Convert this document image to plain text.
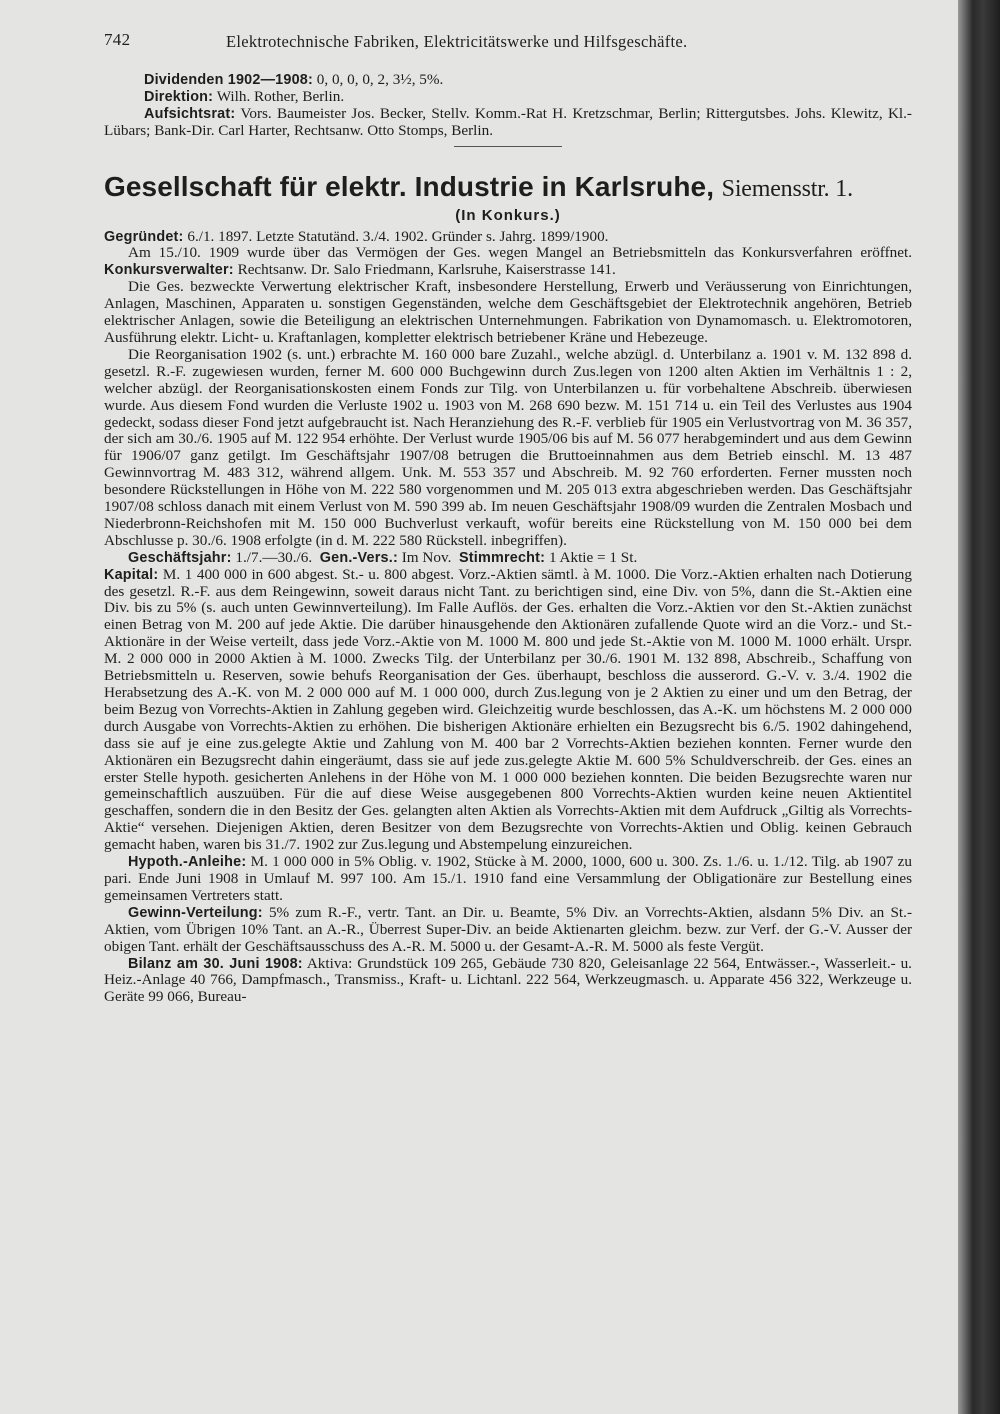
742	Elektrotechnische Fabriken, Elektricitätswerke und Hilfsgeschäfte.

Dividenden 1902—1908: 0, 0, 0, 0, 2, 3½, 5%.

Direktion: Wilh. Rother, Berlin.

Aufsichtsrat: Vors. Baumeister Jos. Becker, Stellv. Komm.-Rat H. Kretzschmar, Berlin; Rittergutsbes. Johs. Klewitz, Kl.-Lübars; Bank-Dir. Carl Harter, Rechtsanw. Otto Stomps, Berlin.

Gesellschaft für elektr. Industrie in Karlsruhe, Siemensstr. 1.
(In Konkurs.)

Gegründet: 6./1. 1897. Letzte Statutänd. 3./4. 1902. Gründer s. Jahrg. 1899/1900.

Am 15./10. 1909 wurde über das Vermögen der Ges. wegen Mangel an Betriebsmitteln das Konkursverfahren eröffnet. Konkursverwalter: Rechtsanw. Dr. Salo Friedmann, Karlsruhe, Kaiserstrasse 141.

Die Ges. bezweckte Verwertung elektrischer Kraft, insbesondere Herstellung, Erwerb und Veräusserung von Einrichtungen, Anlagen, Maschinen, Apparaten u. sonstigen Gegenständen, welche dem Geschäftsgebiet der Elektrotechnik angehören, Betrieb elektrischer Anlagen, sowie die Beteiligung an elektrischen Unternehmungen. Fabrikation von Dynamomasch. u. Elektromotoren, Ausführung elektr. Licht- u. Kraftanlagen, kompletter elektrisch betriebener Kräne und Hebezeuge.

Die Reorganisation 1902 (s. unt.) erbrachte M. 160 000 bare Zuzahl., welche abzügl. d. Unterbilanz a. 1901 v. M. 132 898 d. gesetzl. R.-F. zugewiesen wurden, ferner M. 600 000 Buchgewinn durch Zus.legen von 1200 alten Aktien im Verhältnis 1 : 2, welcher abzügl. der Reorganisationskosten einem Fonds zur Tilg. von Unterbilanzen u. für vorbehaltene Abschreib. überwiesen wurde. Aus diesem Fond wurden die Verluste 1902 u. 1903 von M. 268 690 bezw. M. 151 714 u. ein Teil des Verlustes aus 1904 gedeckt, sodass dieser Fond jetzt aufgebraucht ist. Nach Heranziehung des R.-F. verblieb für 1905 ein Verlustvortrag von M. 36 357, der sich am 30./6. 1905 auf M. 122 954 erhöhte. Der Verlust wurde 1905/06 bis auf M. 56 077 herabgemindert und aus dem Gewinn für 1906/07 ganz getilgt. Im Geschäftsjahr 1907/08 betrugen die Bruttoeinnahmen aus dem Betrieb einschl. M. 13 487 Gewinnvortrag M. 483 312, während allgem. Unk. M. 553 357 und Abschreib. M. 92 760 erforderten. Ferner mussten noch besondere Rückstellungen in Höhe von M. 222 580 vorgenommen und M. 205 013 extra abgeschrieben werden. Das Geschäftsjahr 1907/08 schloss danach mit einem Verlust von M. 590 399 ab. Im neuen Geschäftsjahr 1908/09 wurden die Zentralen Mosbach und Niederbronn-Reichshofen mit M. 150 000 Buchverlust verkauft, wofür bereits eine Rückstellung von M. 150 000 bei dem Abschlusse p. 30./6. 1908 erfolgte (in d. M. 222 580 Rückstell. inbegriffen).

Geschäftsjahr: 1./7.—30./6. Gen.-Vers.: Im Nov. Stimmrecht: 1 Aktie = 1 St.

Kapital: M. 1 400 000 in 600 abgest. St.- u. 800 abgest. Vorz.-Aktien sämtl. à M. 1000. Die Vorz.-Aktien erhalten nach Dotierung des gesetzl. R.-F. aus dem Reingewinn, soweit daraus nicht Tant. zu berichtigen sind, eine Div. von 5%, dann die St.-Aktien eine Div. bis zu 5% (s. auch unten Gewinnverteilung). Im Falle Auflös. der Ges. erhalten die Vorz.-Aktien vor den St.-Aktien zunächst einen Betrag von M. 200 auf jede Aktie. Die darüber hinausgehende den Aktionären zufallende Quote wird an die Vorz.- und St.-Aktionäre in der Weise verteilt, dass jede Vorz.-Aktie von M. 1000 M. 800 und jede St.-Aktie von M. 1000 M. 1000 erhält. Urspr. M. 2 000 000 in 2000 Aktien à M. 1000. Zwecks Tilg. der Unterbilanz per 30./6. 1901 M. 132 898, Abschreib., Schaffung von Betriebsmitteln u. Reserven, sowie behufs Reorganisation der Ges. überhaupt, beschloss die ausserord. G.-V. v. 3./4. 1902 die Herabsetzung des A.-K. von M. 2 000 000 auf M. 1 000 000, durch Zus.legung von je 2 Aktien zu einer und um den Betrag, der beim Bezug von Vorrechts-Aktien in Zahlung gegeben wird. Gleichzeitig wurde beschlossen, das A.-K. um höchstens M. 2 000 000 durch Ausgabe von Vorrechts-Aktien zu erhöhen. Die bisherigen Aktionäre erhielten ein Bezugsrecht bis 6./5. 1902 dahingehend, dass sie auf je eine zus.gelegte Aktie und Zahlung von M. 400 bar 2 Vorrechts-Aktien beziehen konnten. Ferner wurde den Aktionären ein Bezugsrecht dahin eingeräumt, dass sie auf jede zus.gelegte Aktie M. 600 5% Schuldverschreib. der Ges. eines an erster Stelle hypoth. gesicherten Anlehens in der Höhe von M. 1 000 000 beziehen konnten. Die beiden Bezugsrechte waren nur gemeinschaftlich auszuüben. Für die auf diese Weise ausgegebenen 800 Vorrechts-Aktien wurden keine neuen Aktientitel geschaffen, sondern die in den Besitz der Ges. gelangten alten Aktien als Vorrechts-Aktien mit dem Aufdruck „Giltig als Vorrechts-Aktie“ versehen. Diejenigen Aktien, deren Besitzer von dem Bezugsrechte von Vorrechts-Aktien und Oblig. keinen Gebrauch gemacht haben, waren bis 31./7. 1902 zur Zus.legung und Abstempelung einzureichen.

Hypoth.-Anleihe: M. 1 000 000 in 5% Oblig. v. 1902, Stücke à M. 2000, 1000, 600 u. 300. Zs. 1./6. u. 1./12. Tilg. ab 1907 zu pari. Ende Juni 1908 in Umlauf M. 997 100. Am 15./1. 1910 fand eine Versammlung der Obligationäre zur Bestellung eines gemeinsamen Vertreters statt.

Gewinn-Verteilung: 5% zum R.-F., vertr. Tant. an Dir. u. Beamte, 5% Div. an Vorrechts-Aktien, alsdann 5% Div. an St.-Aktien, vom Übrigen 10% Tant. an A.-R., Überrest Super-Div. an beide Aktienarten gleichm. bezw. zur Verf. der G.-V. Ausser der obigen Tant. erhält der Geschäftsausschuss des A.-R. M. 5000 u. der Gesamt-A.-R. M. 5000 als feste Vergüt.

Bilanz am 30. Juni 1908: Aktiva: Grundstück 109 265, Gebäude 730 820, Geleisanlage 22 564, Entwässer.-, Wasserleit.- u. Heiz.-Anlage 40 766, Dampfmasch., Transmiss., Kraft- u. Lichtanl. 222 564, Werkzeugmasch. u. Apparate 456 322, Werkzeuge u. Geräte 99 066, Bureau-
